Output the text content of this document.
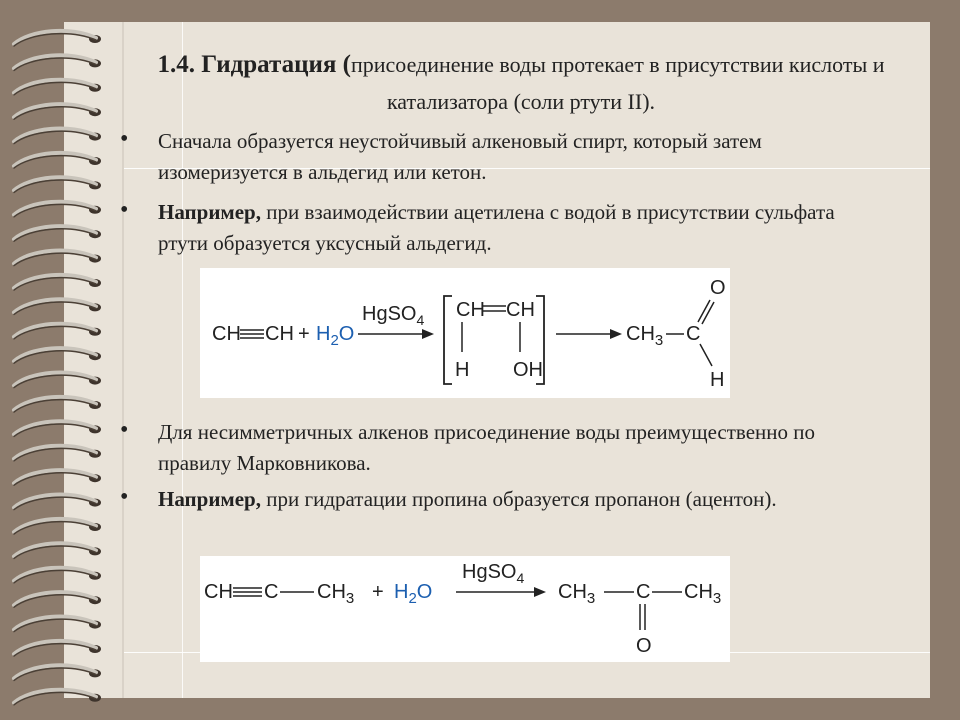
1.4. Гидратация (присоединение воды протекает в присутствии кислоты и катализатора (соли ртути II).
• Сначала образуется неустойчивый алкеновый спирт, который затем изомеризуется в альдегид или кетон.
• Например, при взаимодействии ацетилена с водой в присутствии сульфата ртути образуется уксусный альдегид.
CH CH + $H_2O$
HgSO$_4$ CH CH
H OH
$CH_3$ C
O
H
• Для несимметричных алкенов присоединение воды преимущественно по правилу Марковникова.
• Например, при гидратации пропина образуется пропанон (ацентон).
CH C $CH_3 + H_2O$
HgSO$_4$
$CH_3$ C $CH_3$
O
